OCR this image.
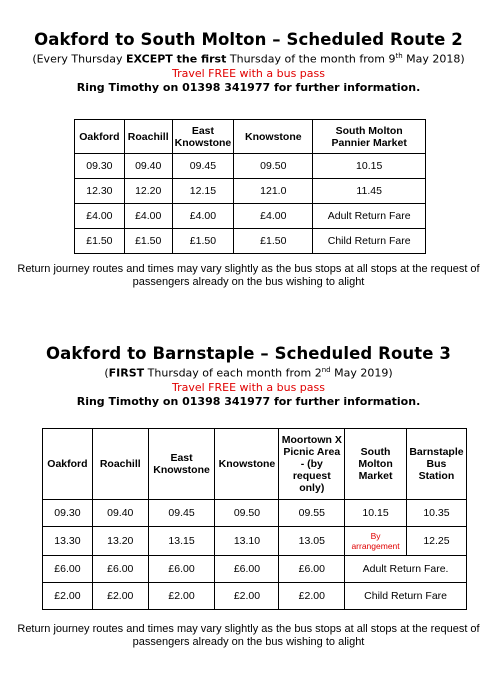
Oakford to South Molton – Scheduled Route 2
(Every Thursday EXCEPT the first Thursday of the month from 9th May 2018)
Travel FREE with a bus pass
Ring Timothy on 01398 341977 for further information.
Oakford	Roachill	East Knowstone	Knowstone	South Molton Pannier Market
09.30	09.40	09.45	09.50	10.15
12.30	12.20	12.15	121.0	11.45
£4.00	£4.00	£4.00	£4.00	Adult Return Fare
£1.50	£1.50	£1.50	£1.50	Child Return Fare
Return journey routes and times may vary slightly as the bus stops at all stops at the request of passengers already on the bus wishing to alight
Oakford to Barnstaple – Scheduled Route 3
(FIRST Thursday of each month from 2nd May 2019)
Travel FREE with a bus pass
Ring Timothy on 01398 341977 for further information.
Oakford	Roachill	East Knowstone	Knowstone	Moortown X Picnic Area - (by request only)	South Molton Market	Barnstaple Bus Station
09.30	09.40	09.45	09.50	09.55	10.15	10.35
13.30	13.20	13.15	13.10	13.05	By arrangement	12.25
£6.00	£6.00	£6.00	£6.00	£6.00	Adult Return Fare.	
£2.00	£2.00	£2.00	£2.00	£2.00	Child Return Fare	
Return journey routes and times may vary slightly as the bus stops at all stops at the request of passengers already on the bus wishing to alight
